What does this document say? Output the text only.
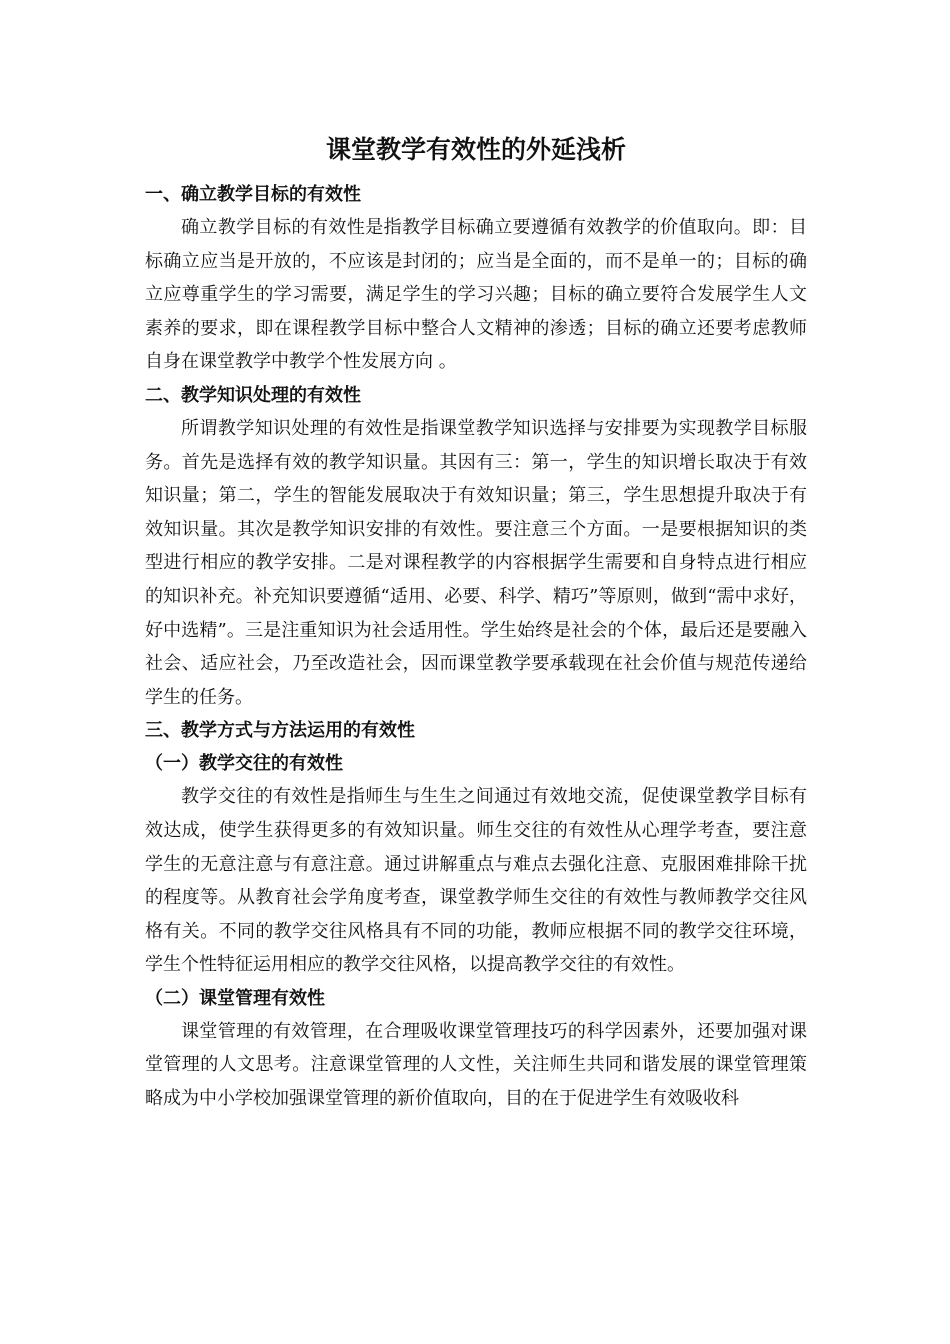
课堂教学有效性的外延浅析
一、确立教学目标的有效性

确立教学目标的有效性是指教学目标确立要遵循有效教学的价值取向。即：目标确立应当是开放的，不应该是封闭的；应当是全面的，而不是单一的；目标的确立应尊重学生的学习需要，满足学生的学习兴趣；目标的确立要符合发展学生人文素养的要求，即在课程教学目标中整合人文精神的渗透；目标的确立还要考虑教师自身在课堂教学中教学个性发展方向 。

二、教学知识处理的有效性

所谓教学知识处理的有效性是指课堂教学知识选择与安排要为实现教学目标服务。首先是选择有效的教学知识量。其因有三：第一，学生的知识增长取决于有效知识量；第二，学生的智能发展取决于有效知识量；第三，学生思想提升取决于有效知识量。其次是教学知识安排的有效性。要注意三个方面。一是要根据知识的类型进行相应的教学安排。二是对课程教学的内容根据学生需要和自身特点进行相应的知识补充。补充知识要遵循“适用、必要、科学、精巧”等原则，做到“需中求好，好中选精”。三是注重知识为社会适用性。学生始终是社会的个体，最后还是要融入社会、适应社会，乃至改造社会，因而课堂教学要承载现在社会价值与规范传递给学生的任务。

三、教学方式与方法运用的有效性
（一）教学交往的有效性

教学交往的有效性是指师生与生生之间通过有效地交流，促使课堂教学目标有效达成，使学生获得更多的有效知识量。师生交往的有效性从心理学考查，要注意学生的无意注意与有意注意。通过讲解重点与难点去强化注意、克服困难排除干扰的程度等。从教育社会学角度考查，课堂教学师生交往的有效性与教师教学交往风格有关。不同的教学交往风格具有不同的功能，教师应根据不同的教学交往环境，学生个性特征运用相应的教学交往风格，以提高教学交往的有效性。

（二）课堂管理有效性

课堂管理的有效管理，在合理吸收课堂管理技巧的科学因素外，还要加强对课堂管理的人文思考。注意课堂管理的人文性，关注师生共同和谐发展的课堂管理策略成为中小学校加强课堂管理的新价值取向，目的在于促进学生有效吸收科
